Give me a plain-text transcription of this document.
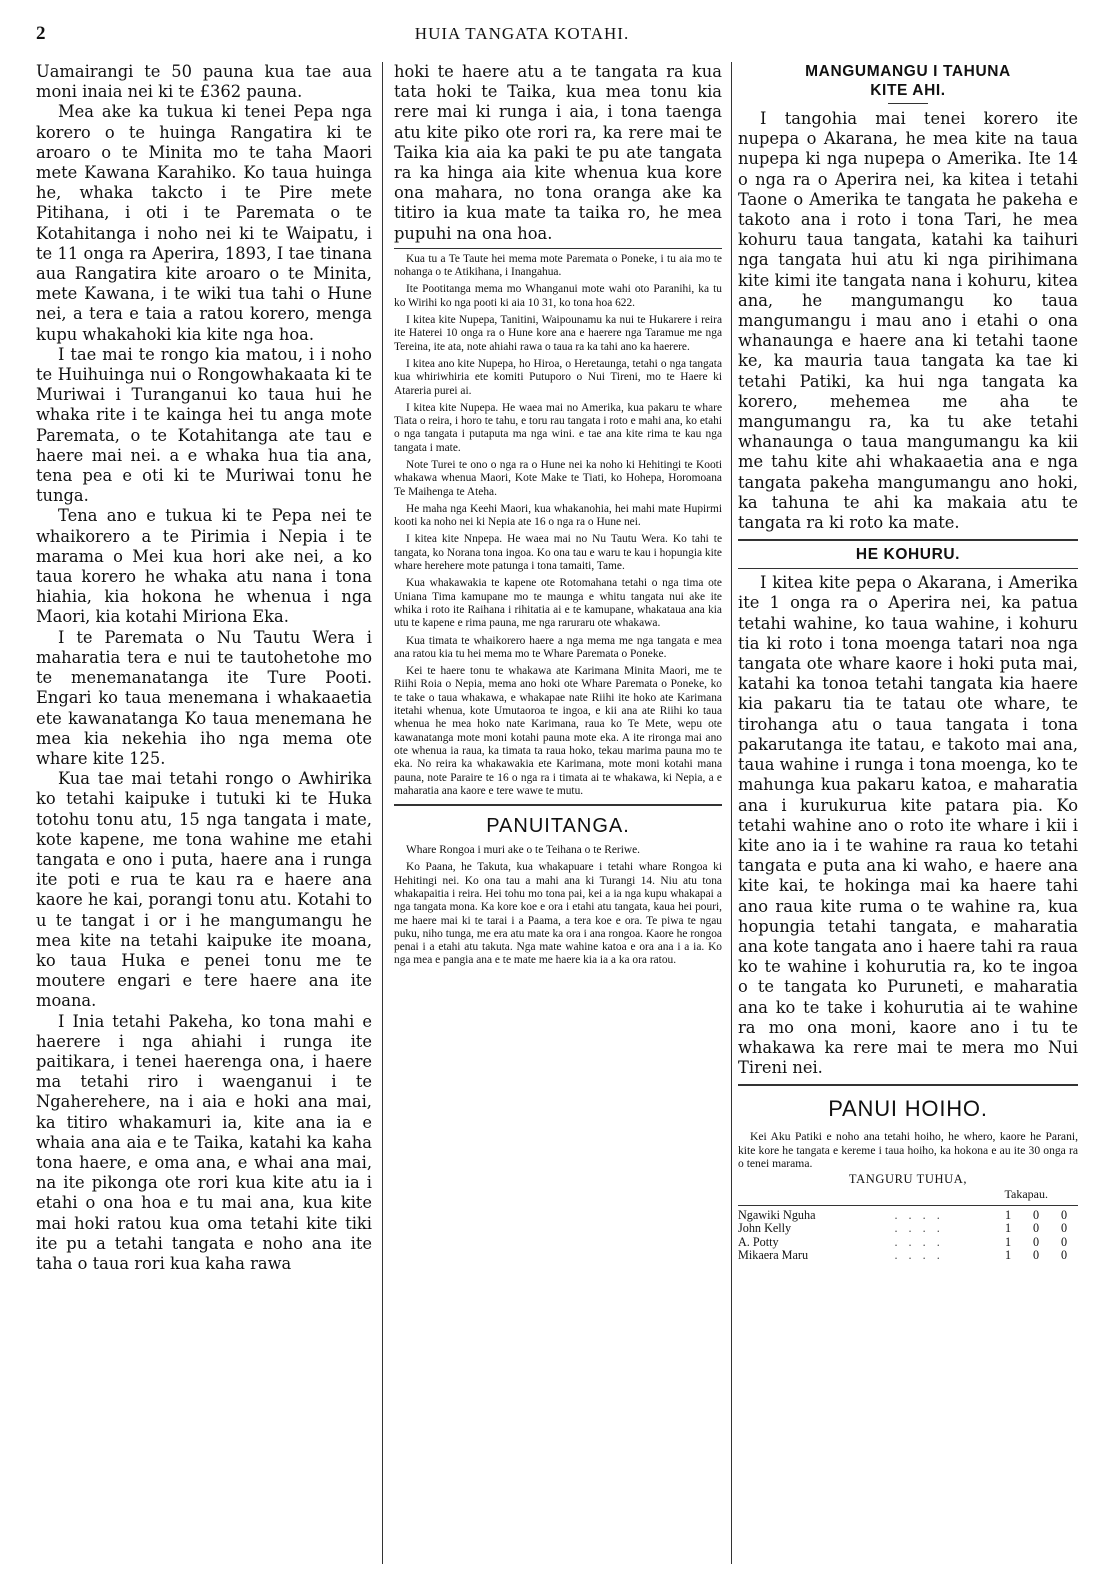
2	HUIA TANGATA KOTAHI.

Uamairangi te 50 pauna kua tae aua moni inaia nei ki te £362 pauna.

Mea ake ka tukua ki tenei Pepa nga korero o te huinga Rangatira ki te aroaro o te Minita mo te taha Maori mete Kawana Karahiko. Ko taua huinga he, whaka takcto i te Pire mete Pitihana, i oti i te Paremata o te Kotahitanga i noho nei ki te Waipatu, i te 11 onga ra Aperira, 1893, I tae tinana aua Rangatira kite aroaro o te Minita, mete Kawana, i te wiki tua tahi o Hune nei, a tera e taia a ratou korero, menga kupu whakahoki kia kite nga hoa.

I tae mai te rongo kia matou, i i noho te Huihuinga nui o Rongowhakaata ki te Muriwai i Turanganui ko taua hui he whaka rite i te kainga hei tu anga mote Paremata, o te Kotahitanga ate tau e haere mai nei. a e whaka hua tia ana, tena pea e oti ki te Muriwai tonu he tunga.

Tena ano e tukua ki te Pepa nei te whaikorero a te Pirimia i Nepia i te marama o Mei kua hori ake nei, a ko taua korero he whaka atu nana i tona hiahia, kia hokona he whenua i nga Maori, kia kotahi Miriona Eka.

I te Paremata o Nu Tautu Wera i maharatia tera e nui te tautohetohe mo te menemanatanga ite Ture Pooti. Engari ko taua menemana i whakaaetia ete kawanatanga Ko taua menemana he mea kia nekehia iho nga mema ote whare kite 125.

Kua tae mai tetahi rongo o Awhirika ko tetahi kaipuke i tutuki ki te Huka totohu tonu atu, 15 nga tangata i mate, kote kapene, me tona wahine me etahi tangata e ono i puta, haere ana i runga ite poti e rua te kau ra e haere ana kaore he kai, porangi tonu atu. Kotahi to u te tangat i or i he mangumangu he mea kite na tetahi kaipuke ite moana, ko taua Huka e penei tonu me te moutere engari e tere haere ana ite moana.

I Inia tetahi Pakeha, ko tona mahi e haerere i nga ahiahi i runga ite paitikara, i tenei haerenga ona, i haere ma tetahi riro i waenganui i te Ngaherehere, na i aia e hoki ana mai, ka titiro whakamuri ia, kite ana ia e whaia ana aia e te Taika, katahi ka kaha tona haere, e oma ana, e whai ana mai, na ite pikonga ote rori kua kite atu ia i etahi o ona hoa e tu mai ana, kua kite mai hoki ratou kua oma tetahi kite tiki ite pu a tetahi tangata e noho ana ite taha o taua rori kua kaha rawa

hoki te haere atu a te tangata ra kua tata hoki te Taika, kua mea tonu kia rere mai ki runga i aia, i tona taenga atu kite piko ote rori ra, ka rere mai te Taika kia aia ka paki te pu ate tangata ra ka hinga aia kite whenua kua kore ona mahara, no tona oranga ake ka titiro ia kua mate ta taika ro, he mea pupuhi na ona hoa.

Kua tu a Te Taute hei mema mote Paremata o Poneke, i tu aia mo te nohanga o te Atikihana, i Inangahua.

Ite Pootitanga mema mo Whanganui mote wahi oto Paranihi, ka tu ko Wirihi ko nga pooti ki aia 10 31, ko tona hoa 622.

I kitea kite Nupepa, Tanitini, Waipounamu ka nui te Hukarere i reira ite Haterei 10 onga ra o Hune kore ana e haerere nga Taramue me nga Tereina, ite ata, note ahiahi rawa o taua ra ka tahi ano ka haerere.

I kitea ano kite Nupepa, ho Hiroa, o Heretaunga, tetahi o nga tangata kua whiriwhiria ete komiti Putuporo o Nui Tireni, mo te Haere ki Atareria purei ai.

I kitea kite Nupepa. He waea mai no Amerika, kua pakaru te whare Tiata o reira, i horo te tahu, e toru rau tangata i roto e mahi ana, ko etahi o nga tangata i putaputa ma nga wini. e tae ana kite rima te kau nga tangata i mate.

Note Turei te ono o nga ra o Hune nei ka noho ki Hehitingi te Kooti whakawa whenua Maori, Kote Make te Tiati, ko Hohepa, Horomoana Te Maihenga te Ateha.

He maha nga Keehi Maori, kua whakanohia, hei mahi mate Hupirmi kooti ka noho nei ki Nepia ate 16 o nga ra o Hune nei.

I kitea kite Nnpepa. He waea mai no Nu Tautu Wera. Ko tahi te tangata, ko Norana tona ingoa. Ko ona tau e waru te kau i hopungia kite whare herehere mote patunga i tona tamaiti, Tame.

Kua whakawakia te kapene ote Rotomahana tetahi o nga tima ote Uniana Tima kamupane mo te maunga e whitu tangata nui ake ite whika i roto ite Raihana i rihitatia ai e te kamupane, whakataua ana kia utu te kapene e rima pauna, me nga raruraru ote whakawa.

Kua timata te whaikorero haere a nga mema me nga tangata e mea ana ratou kia tu hei mema mo te Whare Paremata o Poneke.

Kei te haere tonu te whakawa ate Karimana Minita Maori, me te Riihi Roia o Nepia, mema ano hoki ote Whare Paremata o Poneke, ko te take o taua whakawa, e whakapae nate Riihi ite hoko ate Karimana itetahi whenua, kote Umutaoroa te ingoa, e kii ana ate Riihi ko taua whenua he mea hoko nate Karimana, raua ko Te Mete, wepu ote kawanatanga mote moni kotahi pauna mote eka. A ite rironga mai ano ote whenua ia raua, ka timata ta raua hoko, tekau marima pauna mo te eka. No reira ka whakawakia ete Karimana, mote moni kotahi mana pauna, note Paraire te 16 o nga ra i timata ai te whakawa, ki Nepia, a e maharatia ana kaore e tere wawe te mutu.

PANUITANGA.

Whare Rongoa i muri ake o te Teihana o te Reriwe.

Ko Paana, he Takuta, kua whakapuare i tetahi whare Rongoa ki Hehitingi nei. Ko ona tau a mahi ana ki Turangi 14. Niu atu tona whakapaitia i reira. Hei tohu mo tona pai, kei a ia nga kupu whakapai a nga tangata mona. Ka kore koe e ora i etahi atu tangata, kaua hei pouri, me haere mai ki te tarai i a Paama, a tera koe e ora. Te piwa te ngau puku, niho tunga, me era atu mate ka ora i ana rongoa. Kaore he rongoa penai i a etahi atu takuta. Nga mate wahine katoa e ora ana i a ia. Ko nga mea e pangia ana e te mate me haere kia ia a ka ora ratou.

MANGUMANGU I TAHUNA
KITE AHI.

I tangohia mai tenei korero ite nupepa o Akarana, he mea kite na taua nupepa ki nga nupepa o Amerika. Ite 14 o nga ra o Aperira nei, ka kitea i tetahi Taone o Amerika te tangata he pakeha e takoto ana i roto i tona Tari, he mea kohuru taua tangata, katahi ka taihuri nga tangata hui atu ki nga pirihimana kite kimi ite tangata nana i kohuru, kitea ana, he mangumangu ko taua mangumangu i mau ano i etahi o ona whanaunga e haere ana ki tetahi taone ke, ka mauria taua tangata ka tae ki tetahi Patiki, ka hui nga tangata ka korero, mehemea me aha te mangumangu ra, ka tu ake tetahi whanaunga o taua mangumangu ka kii me tahu kite ahi whakaaetia ana e nga tangata pakeha mangumangu ano hoki, ka tahuna te ahi ka makaia atu te tangata ra ki roto ka mate.

HE KOHURU.

I kitea kite pepa o Akarana, i Amerika ite 1 onga ra o Aperira nei, ka patua tetahi wahine, ko taua wahine, i kohuru tia ki roto i tona moenga tatari noa nga tangata ote whare kaore i hoki puta mai, katahi ka tonoa tetahi tangata kia haere kia pakaru tia te tatau ote whare, te tirohanga atu o taua tangata i tona pakarutanga ite tatau, e takoto mai ana, taua wahine i runga i tona moenga, ko te mahunga kua pakaru katoa, e maharatia ana i kurukurua kite patara pia. Ko tetahi wahine ano o roto ite whare i kii i kite ano ia i te wahine ra raua ko tetahi tangata e puta ana ki waho, e haere ana kite kai, te hokinga mai ka haere tahi ano raua kite ruma o te wahine ra, kua hopungia tetahi tangata, e maharatia ana kote tangata ano i haere tahi ra raua ko te wahine i kohurutia ra, ko te ingoa o te tangata ko Puruneti, e maharatia ana ko te take i kohurutia ai te wahine ra mo ona moni, kaore ano i tu te whakawa ka rere mai te mera mo Nui Tireni nei.

PANUI HOIHO.

Kei Aku Patiki e noho ana tetahi hoiho, he whero, kaore he Parani, kite kore he tangata e kereme i taua hoiho, ka hokona e au ite 30 onga ra o tenei marama.

TANGURU TUHUA,
Takapau.
Ngawiki Nguha	. . . .	1	0	0
John Kelly	. . . .	1	0	0
A. Potty	. . . .	1	0	0
Mikaera Maru	. . . .	1	0	0
